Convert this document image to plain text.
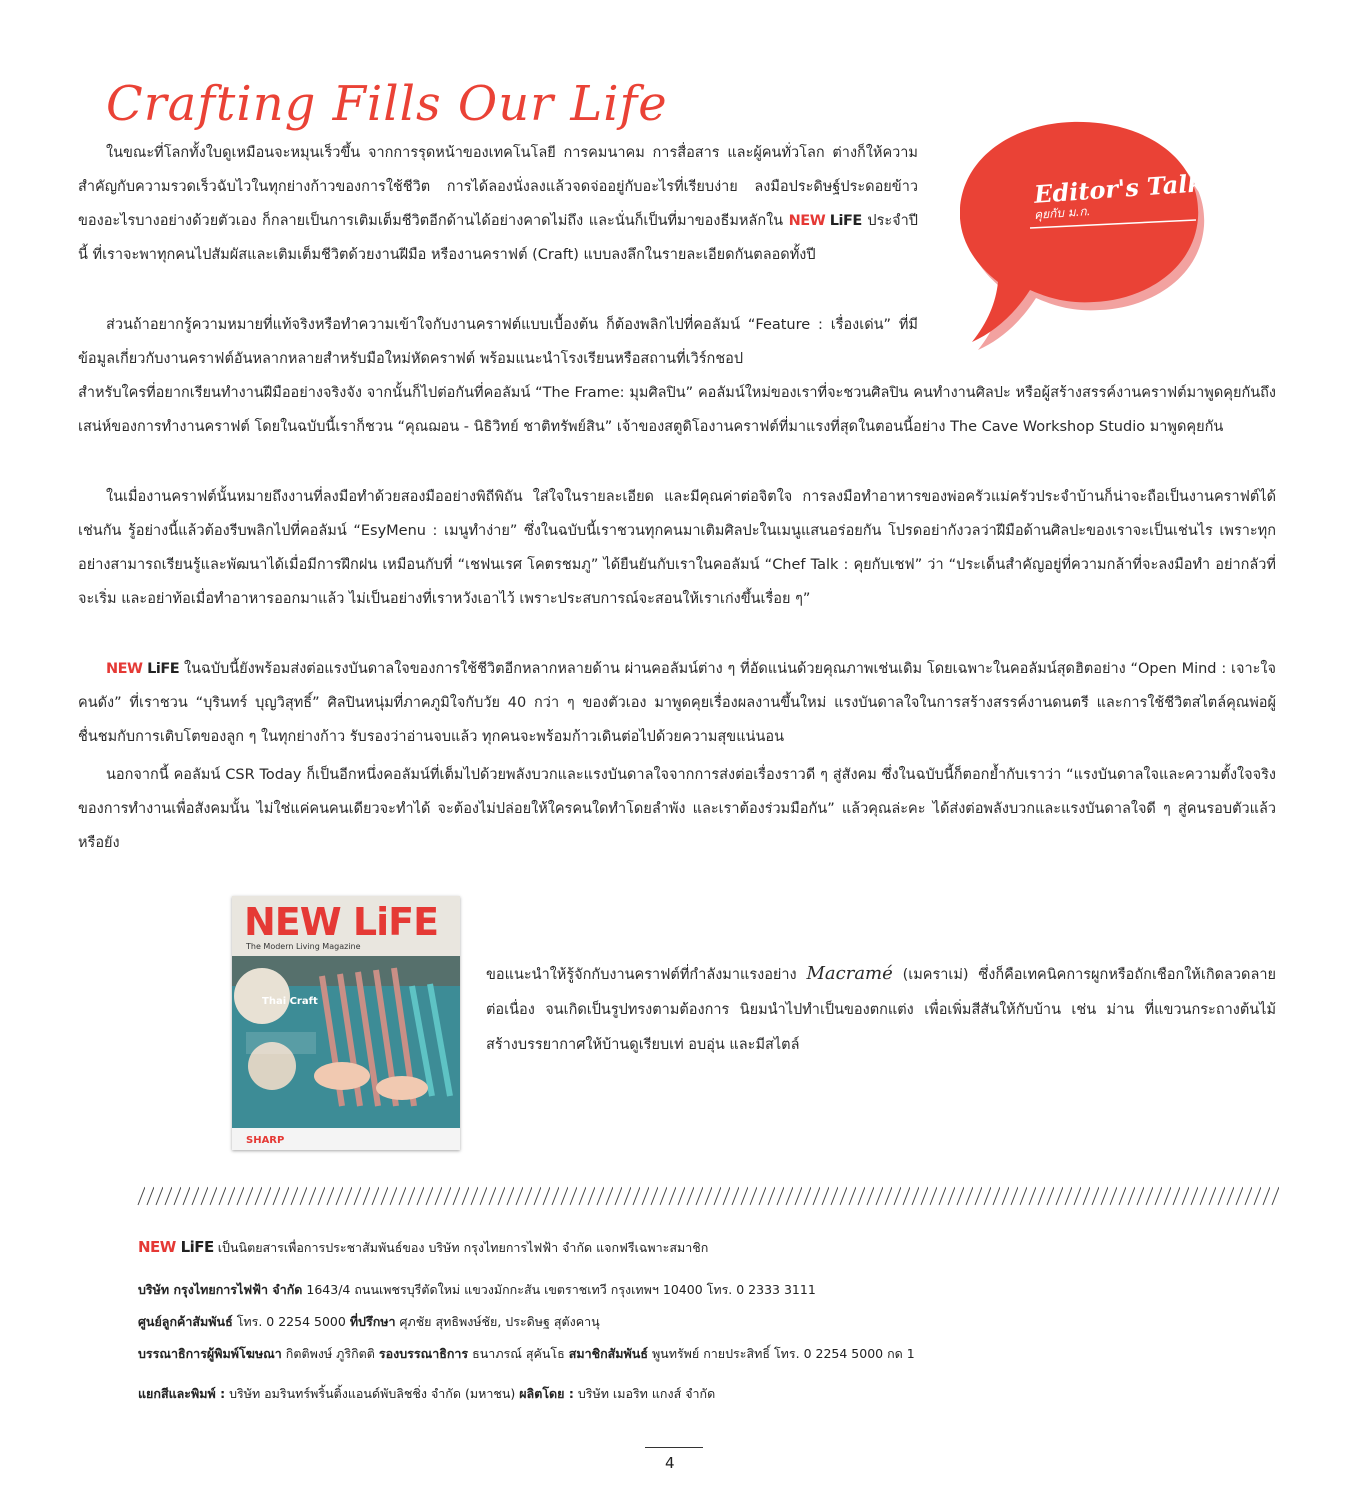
Crafting Fills Our Life
Editor's Talk
คุยกับ ม.ก.

ในขณะที่โลกทั้งใบดูเหมือนจะหมุนเร็วขึ้น จากการรุดหน้าของเทคโนโลยี การคมนาคม การสื่อสาร และผู้คนทั่วโลก ต่างก็ให้ความสำคัญกับความรวดเร็วฉับไวในทุกย่างก้าวของการใช้ชีวิต การได้ลองนั่งลงแล้วจดจ่ออยู่กับอะไรที่เรียบง่าย ลงมือประดิษฐ์ประดอยข้าวของอะไรบางอย่างด้วยตัวเอง ก็กลายเป็นการเติมเต็มชีวิตอีกด้านได้อย่างคาดไม่ถึง และนั่นก็เป็นที่มาของธีมหลักใน NEW LiFE ประจำปีนี้ ที่เราจะพาทุกคนไปสัมผัสและเติมเต็มชีวิตด้วยงานฝีมือ หรืองานคราฟต์ (Craft) แบบลงลึกในรายละเอียดกันตลอดทั้งปี

ส่วนถ้าอยากรู้ความหมายที่แท้จริงหรือทำความเข้าใจกับงานคราฟต์แบบเบื้องต้น ก็ต้องพลิกไปที่คอลัมน์ “Feature : เรื่องเด่น” ที่มีข้อมูลเกี่ยวกับงานคราฟต์อันหลากหลายสำหรับมือใหม่หัดคราฟต์ พร้อมแนะนำโรงเรียนหรือสถานที่เวิร์กชอป

สำหรับใครที่อยากเรียนทำงานฝีมืออย่างจริงจัง จากนั้นก็ไปต่อกันที่คอลัมน์ “The Frame: มุมศิลปิน” คอลัมน์ใหม่ของเราที่จะชวนศิลปิน คนทำงานศิลปะ หรือผู้สร้างสรรค์งานคราฟต์มาพูดคุยกันถึงเสน่ห์ของการทำงานคราฟต์ โดยในฉบับนี้เราก็ชวน “คุณฌอน - นิธิวิทย์ ชาติทรัพย์สิน” เจ้าของสตูดิโองานคราฟต์ที่มาแรงที่สุดในตอนนี้อย่าง The Cave Workshop Studio มาพูดคุยกัน

ในเมื่องานคราฟต์นั้นหมายถึงงานที่ลงมือทำด้วยสองมืออย่างพิถีพิถัน ใส่ใจในรายละเอียด และมีคุณค่าต่อจิตใจ การลงมือทำอาหารของพ่อครัวแม่ครัวประจำบ้านก็น่าจะถือเป็นงานคราฟต์ได้เช่นกัน รู้อย่างนี้แล้วต้องรีบพลิกไปที่คอลัมน์ “EsyMenu : เมนูทำง่าย” ซึ่งในฉบับนี้เราชวนทุกคนมาเติมศิลปะในเมนูแสนอร่อยกัน โปรดอย่ากังวลว่าฝีมือด้านศิลปะของเราจะเป็นเช่นไร เพราะทุกอย่างสามารถเรียนรู้และพัฒนาได้เมื่อมีการฝึกฝน เหมือนกับที่ “เชฟนเรศ โคตรชมภู” ได้ยืนยันกับเราในคอลัมน์ “Chef Talk : คุยกับเชฟ” ว่า “ประเด็นสำคัญอยู่ที่ความกล้าที่จะลงมือทำ อย่ากลัวที่จะเริ่ม และอย่าท้อเมื่อทำอาหารออกมาแล้ว ไม่เป็นอย่างที่เราหวังเอาไว้ เพราะประสบการณ์จะสอนให้เราเก่งขึ้นเรื่อย ๆ”

NEW LiFE ในฉบับนี้ยังพร้อมส่งต่อแรงบันดาลใจของการใช้ชีวิตอีกหลากหลายด้าน ผ่านคอลัมน์ต่าง ๆ ที่อัดแน่นด้วยคุณภาพเช่นเดิม โดยเฉพาะในคอลัมน์สุดฮิตอย่าง “Open Mind : เจาะใจคนดัง” ที่เราชวน “บุรินทร์ บุญวิสุทธิ์” ศิลปินหนุ่มที่ภาคภูมิใจกับวัย 40 กว่า ๆ ของตัวเอง มาพูดคุยเรื่องผลงานขึ้นใหม่ แรงบันดาลใจในการสร้างสรรค์งานดนตรี และการใช้ชีวิตสไตล์คุณพ่อผู้ชื่นชมกับการเติบโตของลูก ๆ ในทุกย่างก้าว รับรองว่าอ่านจบแล้ว ทุกคนจะพร้อมก้าวเดินต่อไปด้วยความสุขแน่นอน

นอกจากนี้ คอลัมน์ CSR Today ก็เป็นอีกหนึ่งคอลัมน์ที่เต็มไปด้วยพลังบวกและแรงบันดาลใจจากการส่งต่อเรื่องราวดี ๆ สู่สังคม ซึ่งในฉบับนี้ก็ตอกย้ำกับเราว่า “แรงบันดาลใจและความตั้งใจจริงของการทำงานเพื่อสังคมนั้น ไม่ใช่แค่คนคนเดียวจะทำได้ จะต้องไม่ปล่อยให้ใครคนใดทำโดยลำพัง และเราต้องร่วมมือกัน” แล้วคุณล่ะคะ ได้ส่งต่อพลังบวกและแรงบันดาลใจดี ๆ สู่คนรอบตัวแล้วหรือยัง

NEW LiFE
The Modern Living Magazine
Thai Craft
SHARP

ขอแนะนำให้รู้จักกับงานคราฟต์ที่กำลังมาแรงอย่าง Macramé (เมคราเม่) ซึ่งก็คือเทคนิคการผูกหรือถักเชือกให้เกิดลวดลายต่อเนื่อง จนเกิดเป็นรูปทรงตามต้องการ นิยมนำไปทำเป็นของตกแต่ง เพื่อเพิ่มสีสันให้กับบ้าน เช่น ม่าน ที่แขวนกระถางต้นไม้ สร้างบรรยากาศให้บ้านดูเรียบเท่ อบอุ่น และมีสไตล์

NEW LiFE เป็นนิตยสารเพื่อการประชาสัมพันธ์ของ บริษัท กรุงไทยการไฟฟ้า จำกัด แจกฟรีเฉพาะสมาชิก

บริษัท กรุงไทยการไฟฟ้า จำกัด 1643/4 ถนนเพชรบุรีตัดใหม่ แขวงมักกะสัน เขตราชเทวี กรุงเทพฯ 10400 โทร. 0 2333 3111

ศูนย์ลูกค้าสัมพันธ์ โทร. 0 2254 5000 ที่ปรึกษา ศุภชัย สุทธิพงษ์ชัย, ประดิษฐ สุตังคานุ

บรรณาธิการผู้พิมพ์โฆษณา กิตติพงษ์ ภูริกิตติ รองบรรณาธิการ ธนาภรณ์ สุคันโธ สมาชิกสัมพันธ์ พูนทรัพย์ กายประสิทธิ์ โทร. 0 2254 5000 กด 1

แยกสีและพิมพ์ : บริษัท อมรินทร์พริ้นติ้งแอนด์พับลิชชิ่ง จำกัด (มหาชน) ผลิตโดย : บริษัท เมอริท แกงส์ จำกัด

4
